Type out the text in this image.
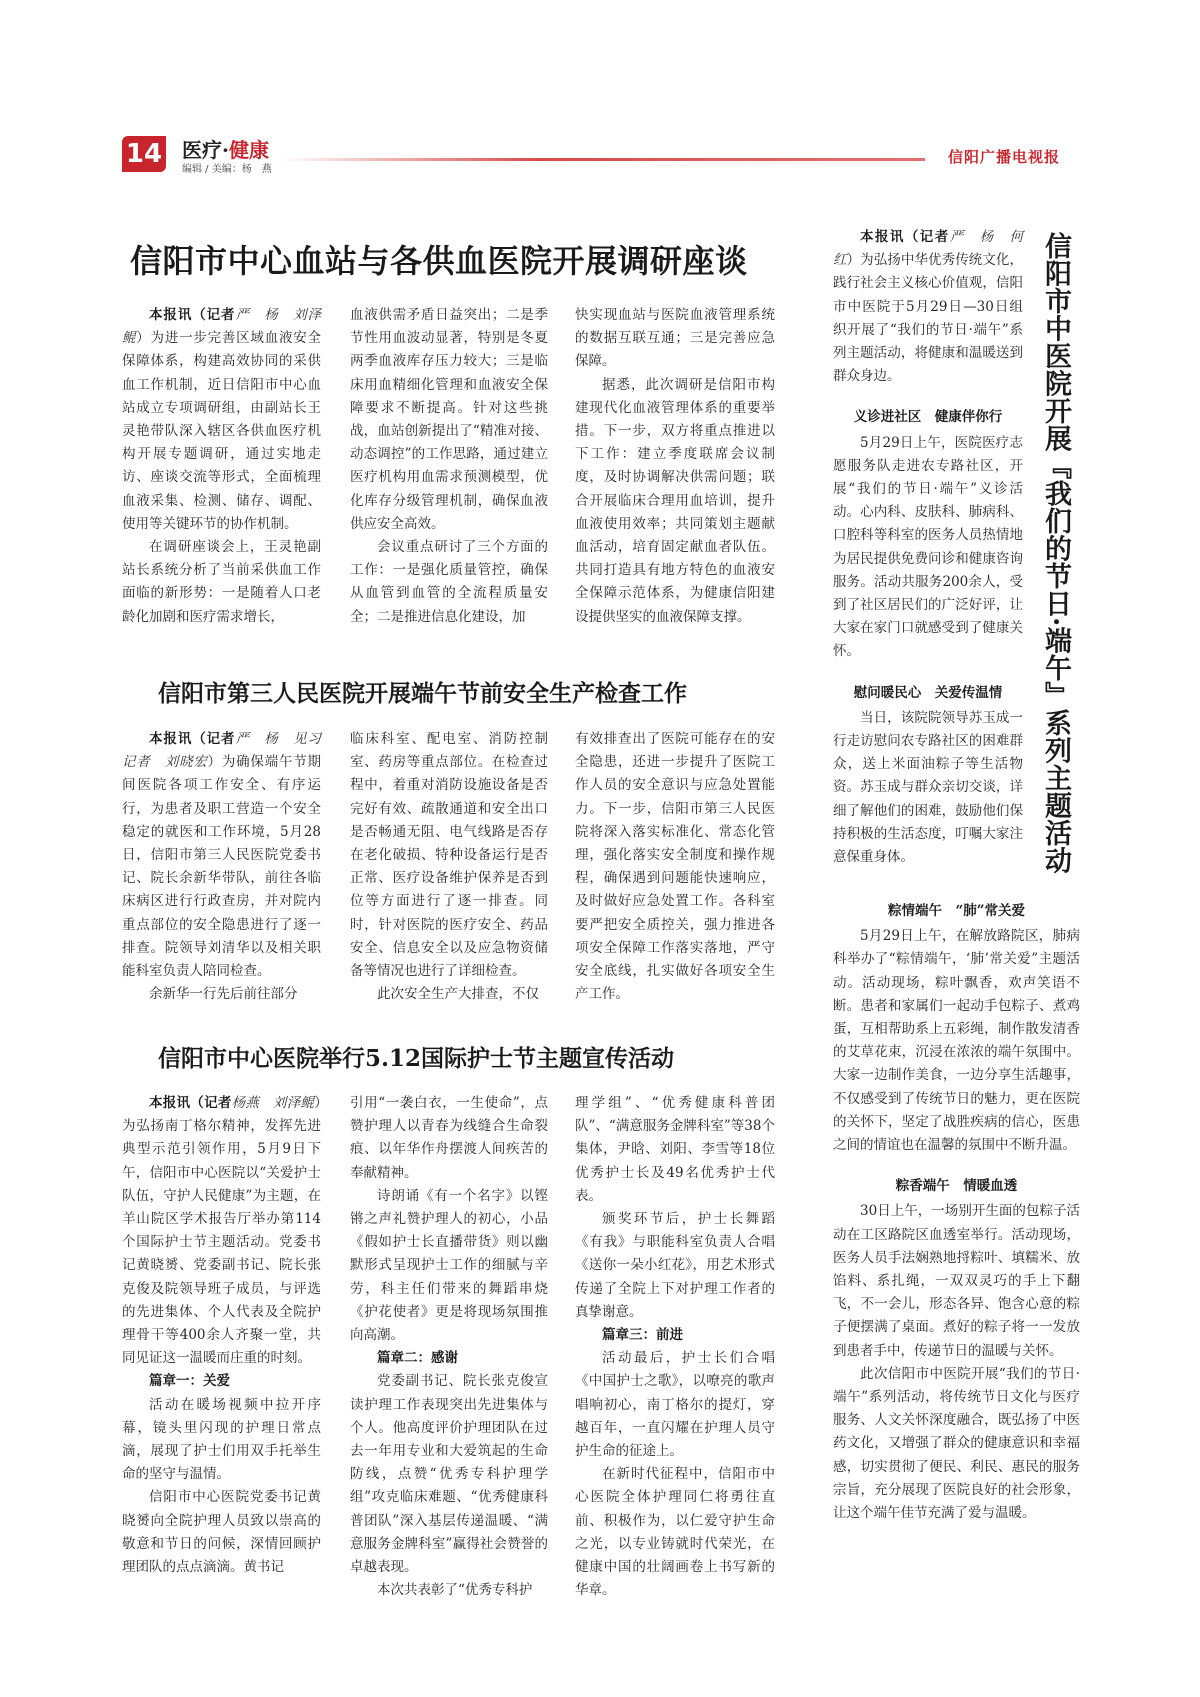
14 医疗·健康
编辑 / 美编：杨　燕
信阳广播电视报
信阳市中心血站与各供血医院开展调研座谈

本报讯（记者严　杨　刘泽鲲）为进一步完善区域血液安全保障体系，构建高效协同的采供血工作机制，近日信阳市中心血站成立专项调研组，由副站长王灵艳带队深入辖区各供血医疗机构开展专题调研，通过实地走访、座谈交流等形式，全面梳理血液采集、检测、储存、调配、使用等关键环节的协作机制。

在调研座谈会上，王灵艳副站长系统分析了当前采供血工作面临的新形势：一是随着人口老龄化加剧和医疗需求增长，

血液供需矛盾日益突出；二是季节性用血波动显著，特别是冬夏两季血液库存压力较大；三是临床用血精细化管理和血液安全保障要求不断提高。针对这些挑战，血站创新提出了“精准对接、动态调控”的工作思路，通过建立医疗机构用血需求预测模型，优化库存分级管理机制，确保血液供应安全高效。

会议重点研讨了三个方面的工作：一是强化质量管控，确保从血管到血管的全流程质量安全；二是推进信息化建设，加

快实现血站与医院血液管理系统的数据互联互通；三是完善应急保障。

据悉，此次调研是信阳市构建现代化血液管理体系的重要举措。下一步，双方将重点推进以下工作：建立季度联席会议制度，及时协调解决供需问题；联合开展临床合理用血培训，提升血液使用效率；共同策划主题献血活动，培育固定献血者队伍。共同打造具有地方特色的血液安全保障示范体系，为健康信阳建设提供坚实的血液保障支撑。

信阳市第三人民医院开展端午节前安全生产检查工作

本报讯（记者严　杨　见习记者　刘晓宏）为确保端午节期间医院各项工作安全、有序运行，为患者及职工营造一个安全稳定的就医和工作环境，5月28日，信阳市第三人民医院党委书记、院长余新华带队，前往各临床病区进行行政查房，并对院内重点部位的安全隐患进行了逐一排查。院领导刘清华以及相关职能科室负责人陪同检查。

余新华一行先后前往部分

临床科室、配电室、消防控制室、药房等重点部位。在检查过程中，着重对消防设施设备是否完好有效、疏散通道和安全出口是否畅通无阻、电气线路是否存在老化破损、特种设备运行是否正常、医疗设备维护保养是否到位等方面进行了逐一排查。同时，针对医院的医疗安全、药品安全、信息安全以及应急物资储备等情况也进行了详细检查。

此次安全生产大排查，不仅

有效排查出了医院可能存在的安全隐患，还进一步提升了医院工作人员的安全意识与应急处置能力。下一步，信阳市第三人民医院将深入落实标准化、常态化管理，强化落实安全制度和操作规程，确保遇到问题能快速响应，及时做好应急处置工作。各科室要严把安全质控关，强力推进各项安全保障工作落实落地，严守安全底线，扎实做好各项安全生产工作。

信阳市中心医院举行5.12国际护士节主题宣传活动

本报讯（记者杨燕　刘泽鲲）为弘扬南丁格尔精神，发挥先进典型示范引领作用，5月9日下午，信阳市中心医院以“关爱护士队伍，守护人民健康”为主题，在羊山院区学术报告厅举办第114个国际护士节主题活动。党委书记黄晓赟、党委副书记、院长张克俊及院领导班子成员，与评选的先进集体、个人代表及全院护理骨干等400余人齐聚一堂，共同见证这一温暖而庄重的时刻。

篇章一：关爱

活动在暖场视频中拉开序幕，镜头里闪现的护理日常点滴，展现了护士们用双手托举生命的坚守与温情。

信阳市中心医院党委书记黄晓赟向全院护理人员致以崇高的敬意和节日的问候，深情回顾护理团队的点点滴滴。黄书记

引用“一袭白衣，一生使命”，点赞护理人以青春为线缝合生命裂痕、以年华作舟摆渡人间疾苦的奉献精神。

诗朗诵《有一个名字》以铿锵之声礼赞护理人的初心，小品《假如护士长直播带货》则以幽默形式呈现护士工作的细腻与辛劳，科主任们带来的舞蹈串烧《护花使者》更是将现场氛围推向高潮。

篇章二：感谢

党委副书记、院长张克俊宣读护理工作表现突出先进集体与个人。他高度评价护理团队在过去一年用专业和大爱筑起的生命防线，点赞“优秀专科护理学组”攻克临床难题、“优秀健康科普团队”深入基层传递温暖、“满意服务金牌科室”赢得社会赞誉的卓越表现。

本次共表彰了“优秀专科护

理学组”、“优秀健康科普团队”、“满意服务金牌科室”等38个集体，尹晗、刘阳、李雪等18位优秀护士长及49名优秀护士代表。

颁奖环节后，护士长舞蹈《有我》与职能科室负责人合唱《送你一朵小红花》，用艺术形式传递了全院上下对护理工作者的真挚谢意。

篇章三：前进

活动最后，护士长们合唱《中国护士之歌》，以嘹亮的歌声唱响初心，南丁格尔的提灯，穿越百年，一直闪耀在护理人员守护生命的征途上。

在新时代征程中，信阳市中心医院全体护理同仁将勇往直前、积极作为，以仁爱守护生命之光，以专业铸就时代荣光，在健康中国的壮阔画卷上书写新的华章。

信阳市中医院开展『我们的节日·端午』系列主题活动

本报讯（记者严　杨　何　红）为弘扬中华优秀传统文化，践行社会主义核心价值观，信阳市中医院于5月29日—30日组织开展了“我们的节日·端午”系列主题活动，将健康和温暖送到群众身边。

义诊进社区　健康伴你行

5月29日上午，医院医疗志愿服务队走进农专路社区，开展“我们的节日·端午”义诊活动。心内科、皮肤科、肺病科、口腔科等科室的医务人员热情地为居民提供免费问诊和健康咨询服务。活动共服务200余人，受到了社区居民们的广泛好评，让大家在家门口就感受到了健康关怀。

慰问暖民心　关爱传温情

当日，该院院领导苏玉成一行走访慰问农专路社区的困难群众，送上米面油粽子等生活物资。苏玉成与群众亲切交谈，详细了解他们的困难，鼓励他们保持积极的生活态度，叮嘱大家注意保重身体。

粽情端午　“肺”常关爱

5月29日上午，在解放路院区，肺病科举办了“粽情端午，‘肺’常关爱”主题活动。活动现场，粽叶飘香，欢声笑语不断。患者和家属们一起动手包粽子、煮鸡蛋，互相帮助系上五彩绳，制作散发清香的艾草花束，沉浸在浓浓的端午氛围中。大家一边制作美食，一边分享生活趣事，不仅感受到了传统节日的魅力，更在医院的关怀下，坚定了战胜疾病的信心，医患之间的情谊也在温馨的氛围中不断升温。

粽香端午　情暖血透

30日上午，一场别开生面的包粽子活动在工区路院区血透室举行。活动现场，医务人员手法娴熟地捋粽叶、填糯米、放馅料、系扎绳，一双双灵巧的手上下翻飞，不一会儿，形态各异、饱含心意的粽子便摆满了桌面。煮好的粽子将一一发放到患者手中，传递节日的温暖与关怀。

此次信阳市中医院开展“我们的节日·端午”系列活动，将传统节日文化与医疗服务、人文关怀深度融合，既弘扬了中医药文化，又增强了群众的健康意识和幸福感，切实贯彻了便民、利民、惠民的服务宗旨，充分展现了医院良好的社会形象，让这个端午佳节充满了爱与温暖。
